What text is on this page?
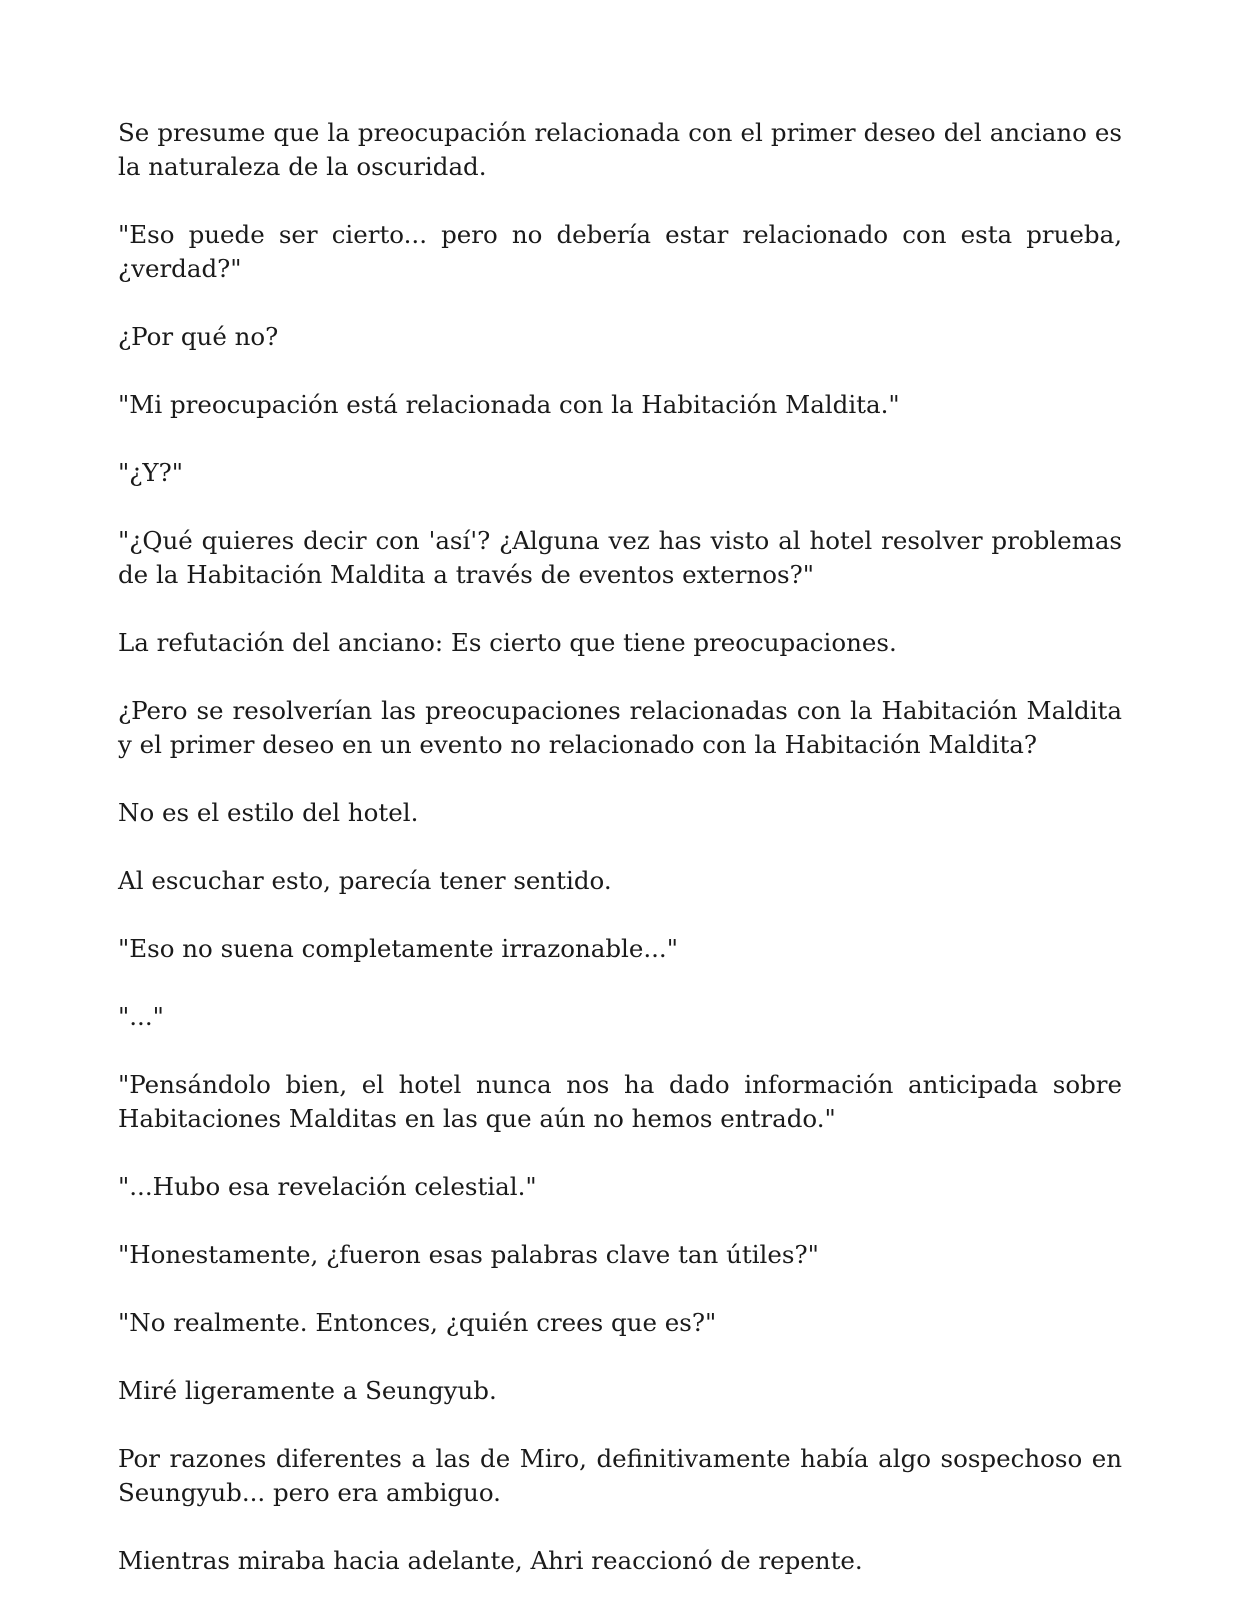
Se presume que la preocupación relacionada con el primer deseo del anciano es la naturaleza de la oscuridad.

"Eso puede ser cierto... pero no debería estar relacionado con esta prueba, ¿verdad?"

¿Por qué no?

"Mi preocupación está relacionada con la Habitación Maldita."

"¿Y?"

"¿Qué quieres decir con 'así'? ¿Alguna vez has visto al hotel resolver problemas de la Habitación Maldita a través de eventos externos?"

La refutación del anciano: Es cierto que tiene preocupaciones.

¿Pero se resolverían las preocupaciones relacionadas con la Habitación Maldita y el primer deseo en un evento no relacionado con la Habitación Maldita?

No es el estilo del hotel.

Al escuchar esto, parecía tener sentido.

"Eso no suena completamente irrazonable..."

"..."

"Pensándolo bien, el hotel nunca nos ha dado información anticipada sobre Habitaciones Malditas en las que aún no hemos entrado."

"...Hubo esa revelación celestial."

"Honestamente, ¿fueron esas palabras clave tan útiles?"

"No realmente. Entonces, ¿quién crees que es?"

Miré ligeramente a Seungyub.

Por razones diferentes a las de Miro, definitivamente había algo sospechoso en Seungyub... pero era ambiguo.

Mientras miraba hacia adelante, Ahri reaccionó de repente.
